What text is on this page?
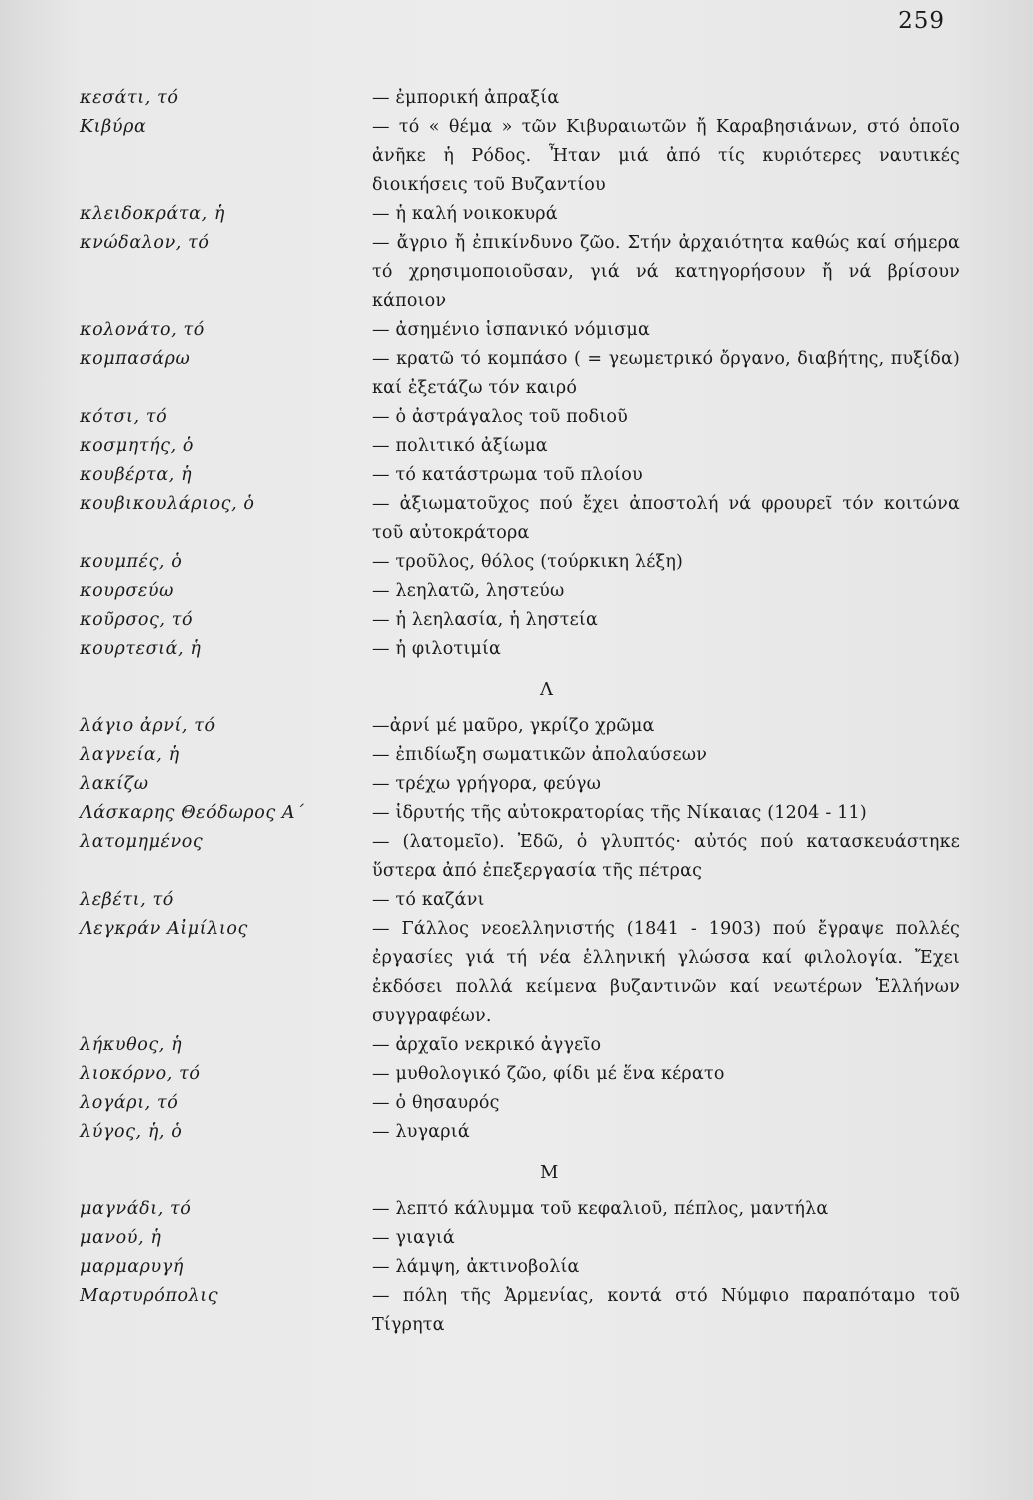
259
κεσάτι, τό	— ἐμπορική ἀπραξία
Κιβύρα	— τό « θέμα » τῶν Κιβυραιωτῶν ἤ Καραβησιάνων, στό ὁποῖο ἀνῆκε ἡ Ρόδος. Ἦταν μιά ἀπό τίς κυριότερες ναυτικές διοικήσεις τοῦ Βυζαντίου
κλειδοκράτα, ἡ	— ἡ καλή νοικοκυρά
κνώδαλον, τό	— ἄγριο ἤ ἐπικίνδυνο ζῶο. Στήν ἀρχαιότητα καθώς καί σήμερα τό χρησιμοποιοῦσαν, γιά νά κατηγορήσουν ἤ νά βρίσουν κάποιον
κολονάτο, τό	— ἀσημένιο ἱσπανικό νόμισμα
κομπασάρω	— κρατῶ τό κομπάσο ( = γεωμετρικό ὄργανο, διαβήτης, πυξίδα) καί ἐξετάζω τόν καιρό
κότσι, τό	— ὁ ἀστράγαλος τοῦ ποδιοῦ
κοσμητής, ὁ	— πολιτικό ἀξίωμα
κουβέρτα, ἡ	— τό κατάστρωμα τοῦ πλοίου
κουβικουλάριος, ὁ	— ἀξιωματοῦχος πού ἔχει ἀποστολή νά φρουρεῖ τόν κοιτώνα τοῦ αὐτοκράτορα
κουμπές, ὁ	— τροῦλος, θόλος (τούρκικη λέξη)
κουρσεύω	— λεηλατῶ, ληστεύω
κοῦρσος, τό	— ἡ λεηλασία, ἡ ληστεία
κουρτεσιά, ἡ	— ἡ φιλοτιμία
Λ
λάγιο ἀρνί, τό	—ἀρνί μέ μαῦρο, γκρίζο χρῶμα
λαγνεία, ἡ	— ἐπιδίωξη σωματικῶν ἀπολαύσεων
λακίζω	— τρέχω γρήγορα, φεύγω
Λάσκαρης Θεόδωρος Α΄	— ἱδρυτής τῆς αὐτοκρατορίας τῆς Νίκαιας (1204 - 11)
λατομημένος	— (λατομεῖο). Ἐδῶ, ὁ γλυπτός· αὐτός πού κατασκευάστηκε ὕστερα ἀπό ἐπεξεργασία τῆς πέτρας
λεβέτι, τό	— τό καζάνι
Λεγκράν Αἰμίλιος	— Γάλλος νεοελληνιστής (1841 - 1903) πού ἔγραψε πολλές ἐργασίες γιά τή νέα ἑλληνική γλώσσα καί φιλολογία. Ἔχει ἐκδόσει πολλά κείμενα βυζαντινῶν καί νεωτέρων Ἑλλήνων συγγραφέων.
λήκυθος, ἡ	— ἀρχαῖο νεκρικό ἀγγεῖο
λιοκόρνο, τό	— μυθολογικό ζῶο, φίδι μέ ἕνα κέρατο
λογάρι, τό	— ὁ θησαυρός
λύγος, ἡ, ὁ	— λυγαριά
Μ
μαγνάδι, τό	— λεπτό κάλυμμα τοῦ κεφαλιοῦ, πέπλος, μαντήλα
μανού, ἡ	— γιαγιά
μαρμαρυγή	— λάμψη, ἀκτινοβολία
Μαρτυρόπολις	— πόλη τῆς Ἀρμενίας, κοντά στό Νύμφιο παραπόταμο τοῦ Τίγρητα
